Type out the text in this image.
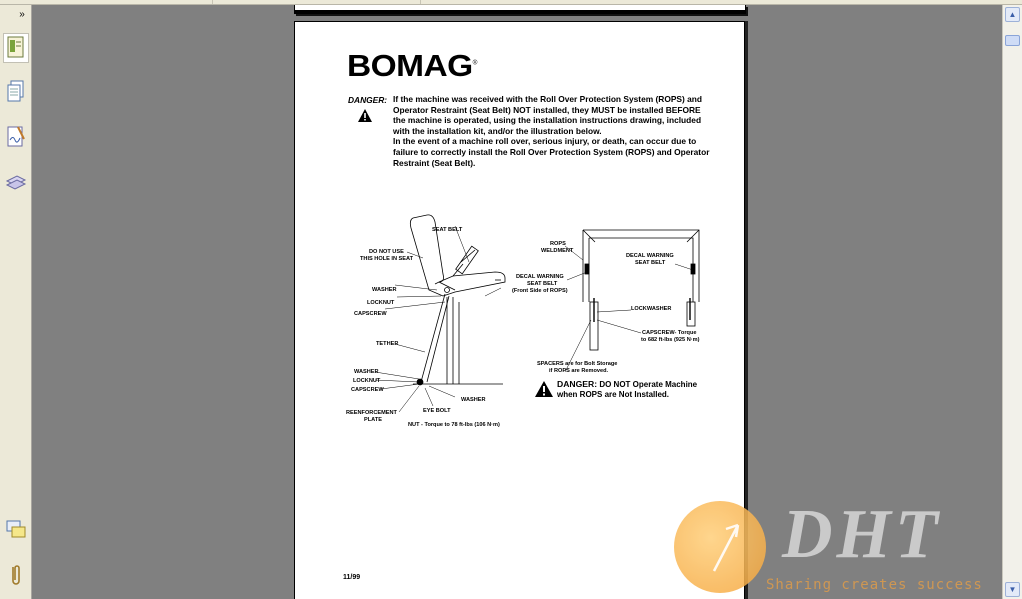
»
BOMAG®
DANGER: If the machine was received with the Roll Over Protection System (ROPS) and Operator Restraint (Seat Belt) NOT installed, they MUST be installed BEFORE the machine is operated, using the installation instructions drawing, included with the installation kit, and/or the illustration below.

In the event of a machine roll over, serious injury, or death, can occur due to failure to correctly install the Roll Over Protection System (ROPS) and Operator Restraint (Seat Belt).

SEAT BELT
DO NOT USE
THIS HOLE IN SEAT
WASHER
LOCKNUT
CAPSCREW
TETHER
WASHER
LOCKNUT
CAPSCREW
WASHER
REENFORCEMENT
PLATE
EYE BOLT
NUT - Torque to 78 ft-lbs (106 N·m)
ROPS
WELDMENT
DECAL WARNING
SEAT BELT
(Front Side of ROPS)
DECAL WARNING
SEAT BELT
LOCKWASHER
CAPSCREW- Torque
to 682 ft-lbs (925 N·m)
SPACERS are for Bolt Storage
if ROPS are Removed.
DANGER: DO NOT Operate Machine
when ROPS are Not Installed.
11/99
▲
▼
DHT
Sharing creates success
